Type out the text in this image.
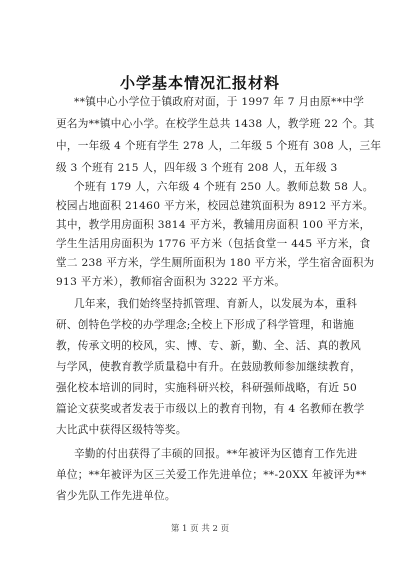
小学基本情况汇报材料
**镇中心小学位于镇政府对面，于 1997 年 7 月由原**中学
更名为**镇中心小学。在校学生总共 1438 人，教学班 22 个。其
中，一年级 4 个班有学生 278 人，二年级 5 个班有 308 人，三年
级 3 个班有 215 人，四年级 3 个班有 208 人，五年级 3
个班有 179 人，六年级 4 个班有 250 人。教师总数 58 人。
校园占地面积 21460 平方米，校园总建筑面积为 8912 平方米。
其中，教学用房面积 3814 平方米，教辅用房面积 100 平方米，
学生生活用房面积为 1776 平方米（包括食堂一 445 平方米，食
堂二 238 平方米，学生厕所面积为 180 平方米，学生宿舍面积为
913 平方米），教师宿舍面积为 3222 平方米。
几年来，我们始终坚持抓管理、育新人，以发展为本，重科
研、创特色学校的办学理念;全校上下形成了科学管理，和谐施
教，传承文明的校风，实、博、专、新，勤、全、活、真的教风
与学风，使教育教学质量稳中有升。在鼓励教师参加继续教育，
强化校本培训的同时，实施科研兴校，科研强师战略，有近 50
篇论文获奖或者发表于市级以上的教育刊物，有 4 名教师在教学
大比武中获得区级特等奖。
辛勤的付出获得了丰硕的回报。**年被评为区德育工作先进
单位；**年被评为区三关爱工作先进单位；**-20XX 年被评为**
省少先队工作先进单位。
第 1 页 共 2 页
